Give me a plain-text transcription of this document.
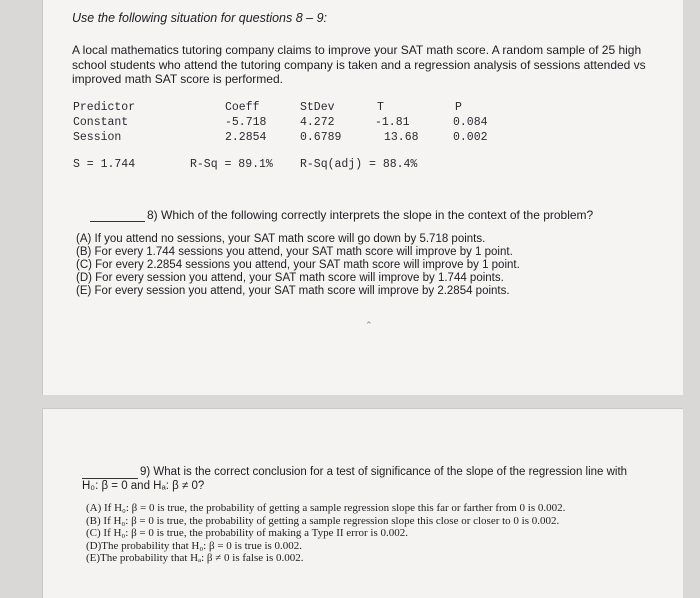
Use the following situation for questions 8 – 9:
A local mathematics tutoring company claims to improve your SAT math score. A random sample of 25 high school students who attend the tutoring company is taken and a regression analysis of sessions attended vs improved math SAT score is performed.
Predictor	Coeff	StDev	T	P
Constant	-5.718	4.272	-1.81	0.084
Session	2.2854	0.6789	13.68	0.002
S = 1.744	R-Sq = 89.1% R-Sq(adj) = 88.4%
8) Which of the following correctly interprets the slope in the context of the problem?
(A) If you attend no sessions, your SAT math score will go down by 5.718 points.
(B) For every 1.744 sessions you attend, your SAT math score will improve by 1 point.
(C) For every 2.2854 sessions you attend, your SAT math score will improve by 1 point.
(D) For every session you attend, your SAT math score will improve by 1.744 points.
(E) For every session you attend, your SAT math score will improve by 2.2854 points.
⌃
9) What is the correct conclusion for a test of significance of the slope of the regression line with
H₀: β = 0 and Hₐ: β ≠ 0?
(A) If H₀: β = 0 is true, the probability of getting a sample regression slope this far or farther from 0 is 0.002.
(B) If H₀: β = 0 is true, the probability of getting a sample regression slope this close or closer to 0 is 0.002.
(C) If H₀: β = 0 is true, the probability of making a Type II error is 0.002.
(D)The probability that H₀: β = 0 is true is 0.002.
(E)The probability that Hₐ: β ≠ 0 is false is 0.002.
